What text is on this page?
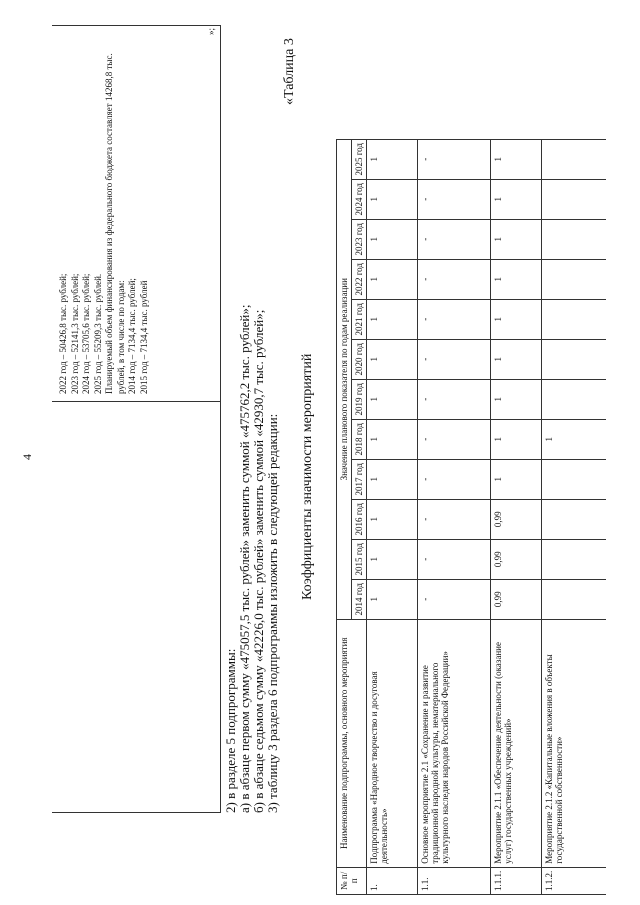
4
2022 год – 50426,8 тыс. рублей; 2023 год – 52141,3 тыс. рублей; 2024 год – 53705,6 тыс. рублей; 2025 год – 55209,3 тыс. рублей. Планируемый объем финансирования из федерального бюджета составляет 14268,8 тыс. рублей, в том числе по годам: 2014 год – 7134,4 тыс. рублей; 2015 год – 7134,4 тыс. рублей
»;
2) в разделе 5 подпрограммы: а) в абзаце первом сумму «475057,5 тыс. рублей» заменить суммой «475762,2 тыс. рублей»; б) в абзаце седьмом сумму «42226,0 тыс. рублей» заменить суммой «42930,7 тыс. рублей»; 3) таблицу 3 раздела 6 подпрограммы изложить в следующей редакции:
«Таблица 3
Коэффициенты значимости мероприятий
№ п/п	Наименование подпрограммы, основного мероприятия	Значение планового показателя по годам реализации											
		2014 год	2015 год	2016 год	2017 год	2018 год	2019 год	2020 год	2021 год	2022 год	2023 год	2024 год	2025 год
1.	Подпрограмма «Народное творчество и досуговая деятельность»	1	1	1	1	1	1	1	1	1	1	1	1
1.1.	Основное мероприятие 2.1 «Сохранение и развитие традиционной народной культуры, нематериального культурного наследия народов Российской Федерации»	-	-	-	-	-	-	-	-	-	-	-	-
1.1.1.	Мероприятие 2.1.1 «Обеспечение деятельности (оказание услуг) государственных учреждений»	0,99	0,99	0,99	1	1	1	1	1	1	1	1	1
1.1.2.	Мероприятие 2.1.2 «Капитальные вложения в объекты государственной собственности»					1							
